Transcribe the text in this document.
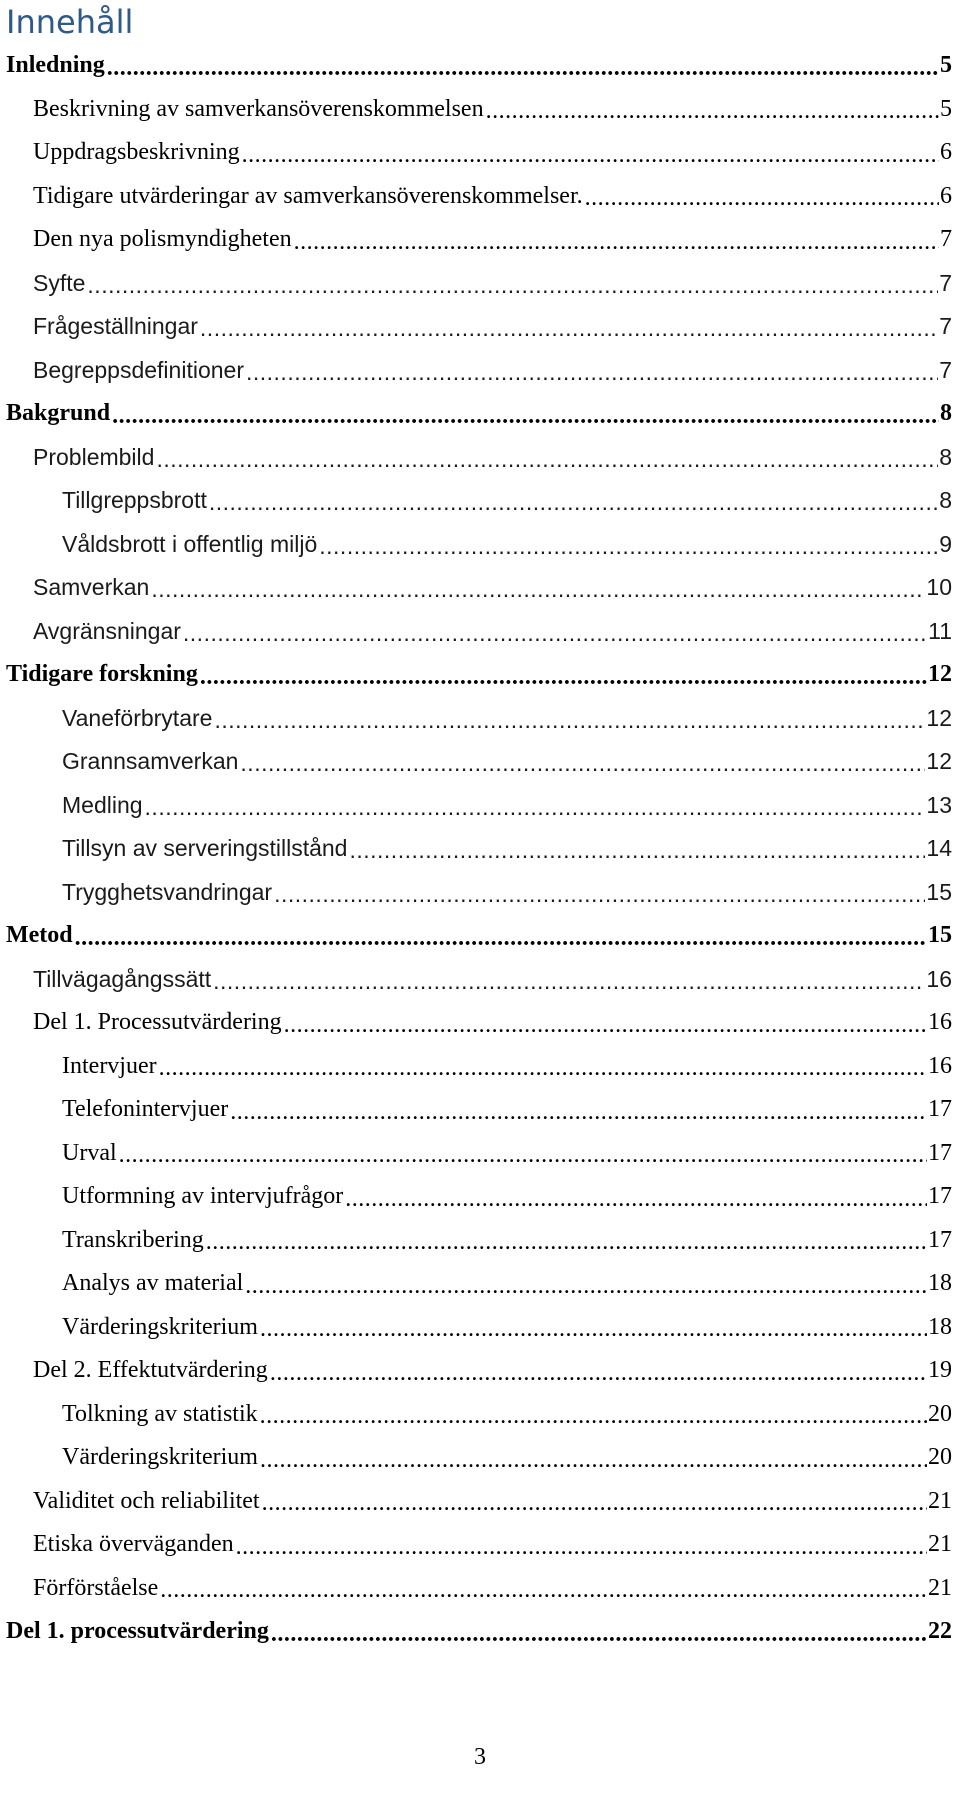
Innehåll
Inledning .....	5
Beskrivning av samverkansöverenskommelsen .....	5
Uppdragsbeskrivning .....	6
Tidigare utvärderingar av samverkansöverenskommelser. .....	6
Den nya polismyndigheten .....	7
Syfte .....	7
Frågeställningar .....	7
Begreppsdefinitioner .....	7
Bakgrund .....	8
Problembild .....	8
Tillgreppsbrott .....	8
Våldsbrott i offentlig miljö .....	9
Samverkan .....	10
Avgränsningar .....	11
Tidigare forskning .....	12
Vaneförbrytare .....	12
Grannsamverkan .....	12
Medling .....	13
Tillsyn av serveringstillstånd .....	14
Trygghetsvandringar .....	15
Metod .....	15
Tillvägagångssätt .....	16
Del 1. Processutvärdering .....	16
Intervjuer .....	16
Telefonintervjuer .....	17
Urval .....	17
Utformning av intervjufrågor .....	17
Transkribering .....	17
Analys av material .....	18
Värderingskriterium .....	18
Del 2. Effektutvärdering .....	19
Tolkning av statistik .....	20
Värderingskriterium .....	20
Validitet och reliabilitet .....	21
Etiska överväganden .....	21
Förförståelse .....	21
Del 1. processutvärdering .....	22
3
